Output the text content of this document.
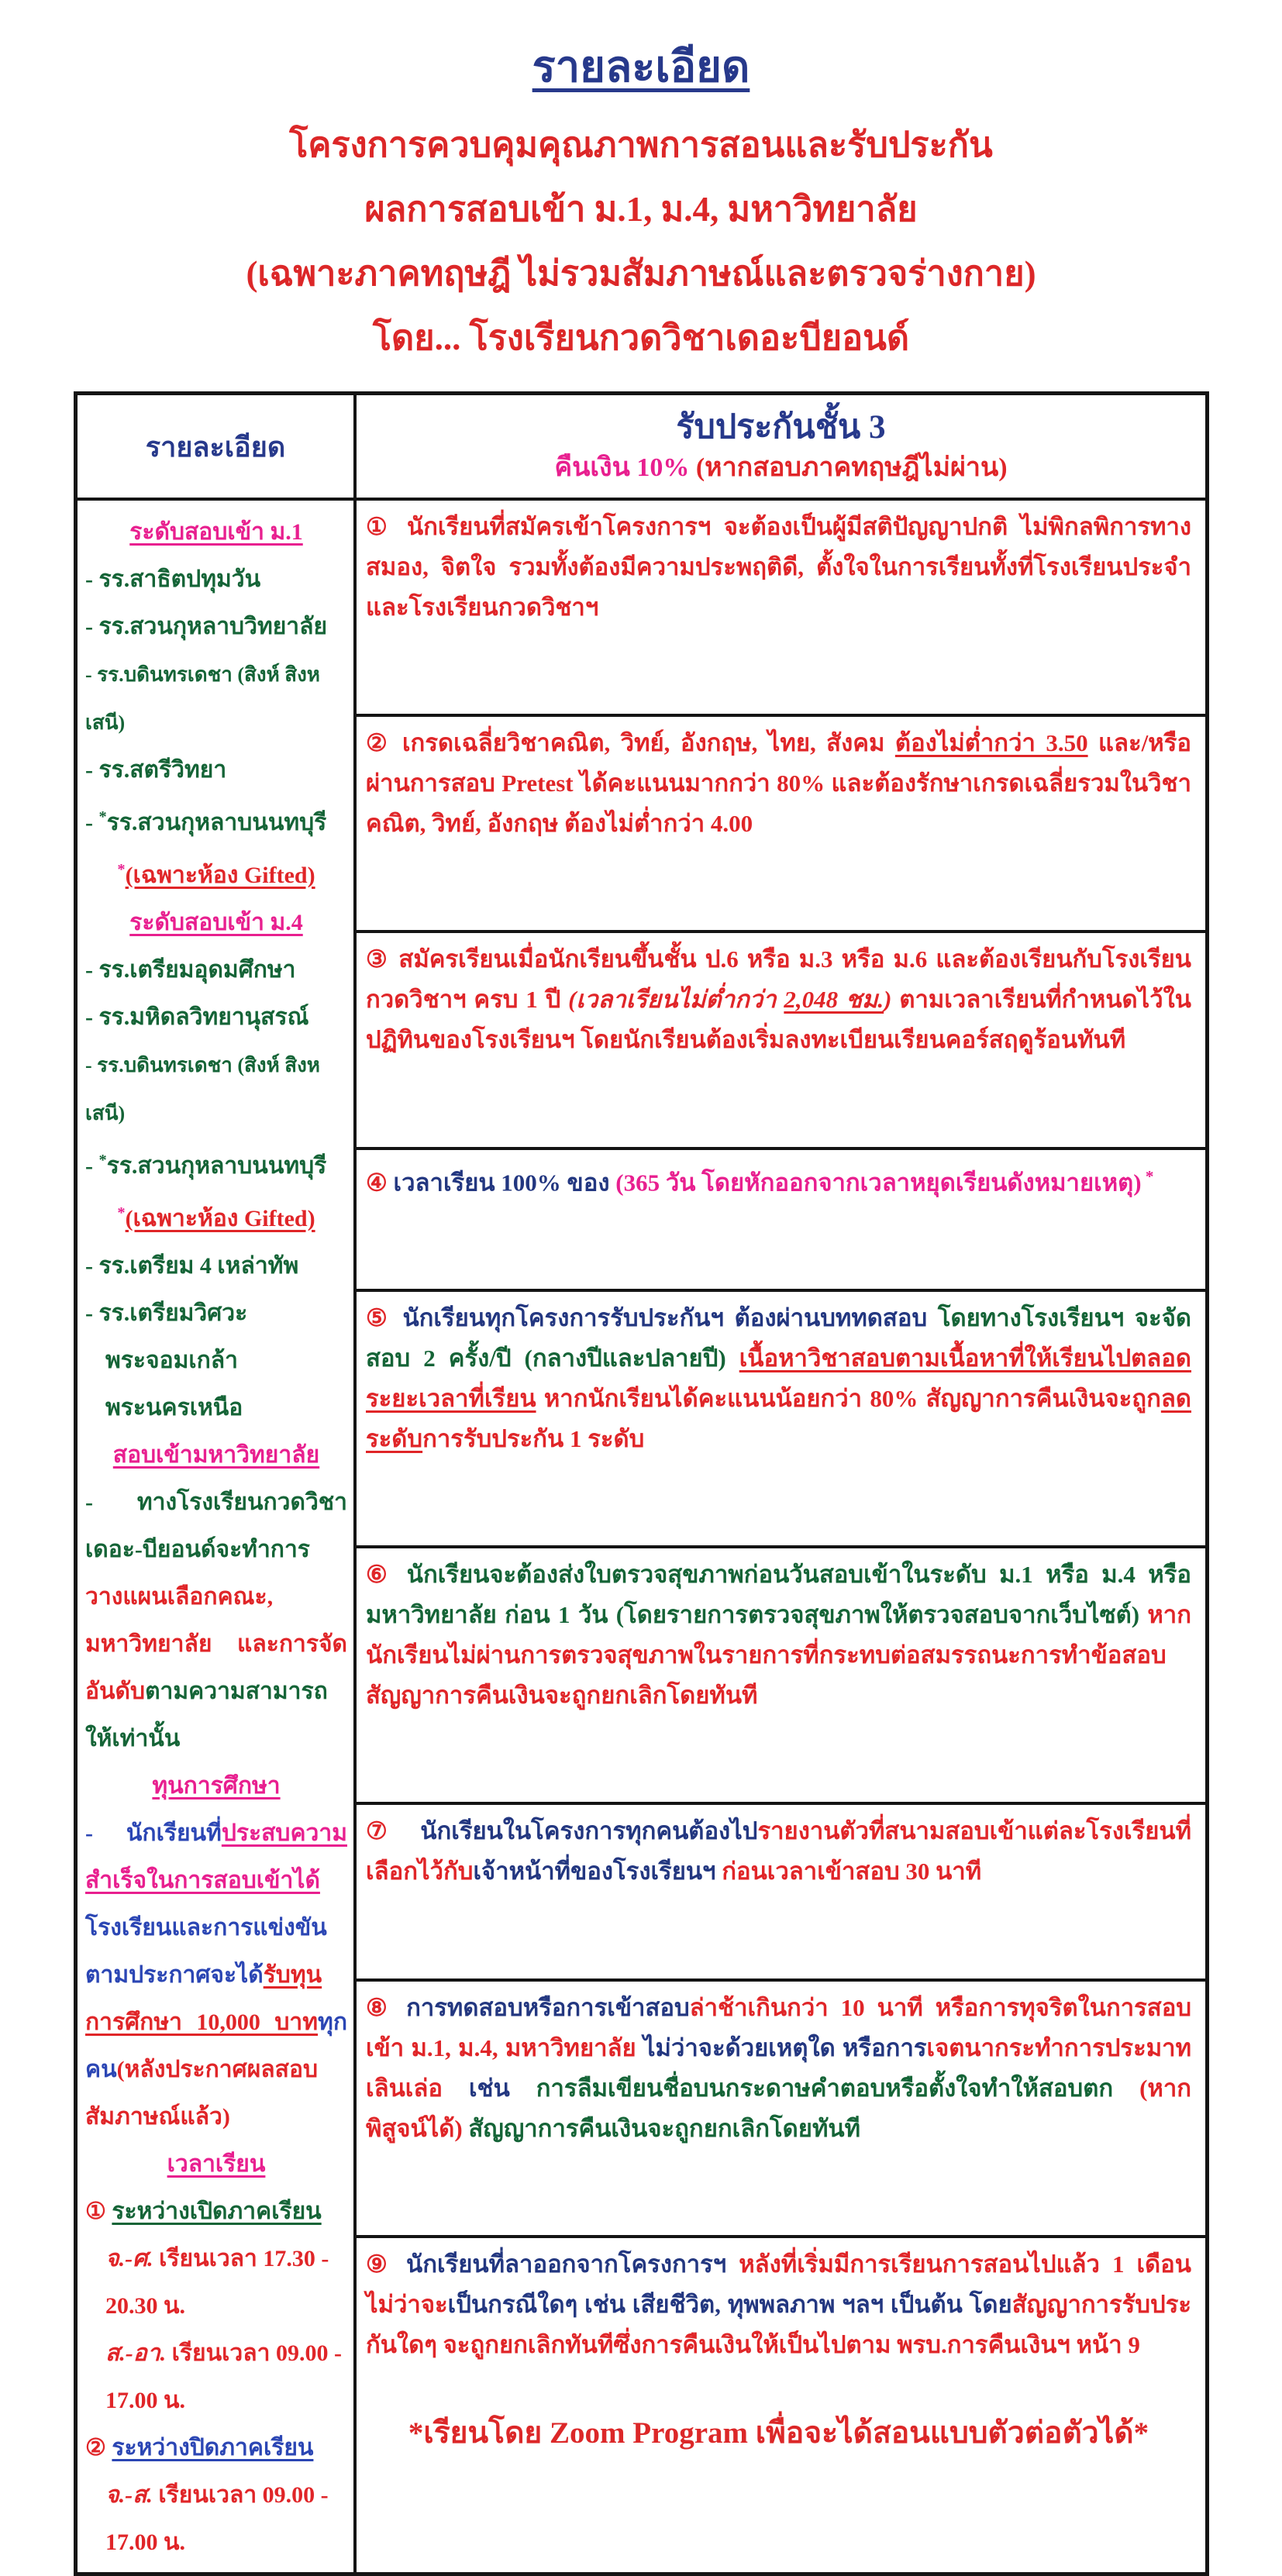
รายละเอียด
โครงการควบคุมคุณภาพการสอนและรับประกัน
ผลการสอบเข้า ม.1, ม.4, มหาวิทยาลัย
(เฉพาะภาคทฤษฎี ไม่รวมสัมภาษณ์และตรวจร่างกาย)
โดย... โรงเรียนกวดวิชาเดอะบียอนด์
รายละเอียด
รับประกันชั้น 3
คืนเงิน 10% (หากสอบภาคทฤษฎีไม่ผ่าน)
ระดับสอบเข้า ม.1
- รร.สาธิตปทุมวัน
- รร.สวนกุหลาบวิทยาลัย
- รร.บดินทรเดชา (สิงห์ สิงหเสนี)
- รร.สตรีวิทยา
- *รร.สวนกุหลาบนนทบุรี
*(เฉพาะห้อง Gifted)
ระดับสอบเข้า ม.4
- รร.เตรียมอุดมศึกษา
- รร.มหิดลวิทยานุสรณ์
- รร.บดินทรเดชา (สิงห์ สิงหเสนี)
- *รร.สวนกุหลาบนนทบุรี
*(เฉพาะห้อง Gifted)
- รร.เตรียม 4 เหล่าทัพ
- รร.เตรียมวิศวะ
พระจอมเกล้าพระนครเหนือ
สอบเข้ามหาวิทยาลัย
- ทางโรงเรียนกวดวิชาเดอะ-บียอนด์จะทำการวางแผนเลือกคณะ, มหาวิทยาลัย และการจัดอันดับตามความสามารถให้เท่านั้น
ทุนการศึกษา
- นักเรียนที่ประสบความสำเร็จในการสอบเข้าได้โรงเรียนและการแข่งขันตามประกาศจะได้รับทุนการศึกษา 10,000 บาททุกคน(หลังประกาศผลสอบสัมภาษณ์แล้ว)
เวลาเรียน
① ระหว่างเปิดภาคเรียน
จ.-ศ. เรียนเวลา 17.30 - 20.30 น.
ส.-อา. เรียนเวลา 09.00 - 17.00 น.
② ระหว่างปิดภาคเรียน
จ.-ส. เรียนเวลา 09.00 - 17.00 น.
① นักเรียนที่สมัครเข้าโครงการฯ จะต้องเป็นผู้มีสติปัญญาปกติ ไม่พิกลพิการทางสมอง, จิตใจ รวมทั้งต้องมีความประพฤติดี, ตั้งใจในการเรียนทั้งที่โรงเรียนประจำและโรงเรียนกวดวิชาฯ
② เกรดเฉลี่ยวิชาคณิต, วิทย์, อังกฤษ, ไทย, สังคม ต้องไม่ต่ำกว่า 3.50 และ/หรือผ่านการสอบ Pretest ได้คะแนนมากกว่า 80% และต้องรักษาเกรดเฉลี่ยรวมในวิชาคณิต, วิทย์, อังกฤษ ต้องไม่ต่ำกว่า 4.00
③ สมัครเรียนเมื่อนักเรียนขึ้นชั้น ป.6 หรือ ม.3 หรือ ม.6 และต้องเรียนกับโรงเรียนกวดวิชาฯ ครบ 1 ปี (เวลาเรียนไม่ต่ำกว่า 2,048 ชม.) ตามเวลาเรียนที่กำหนดไว้ในปฏิทินของโรงเรียนฯ โดยนักเรียนต้องเริ่มลงทะเบียนเรียนคอร์สฤดูร้อนทันที
④ เวลาเรียน 100% ของ (365 วัน โดยหักออกจากเวลาหยุดเรียนดังหมายเหตุ) *
⑤ นักเรียนทุกโครงการรับประกันฯ ต้องผ่านบททดสอบ โดยทางโรงเรียนฯ จะจัดสอบ 2 ครั้ง/ปี (กลางปีและปลายปี) เนื้อหาวิชาสอบตามเนื้อหาที่ให้เรียนไปตลอดระยะเวลาที่เรียน หากนักเรียนได้คะแนนน้อยกว่า 80% สัญญาการคืนเงินจะถูกลดระดับการรับประกัน 1 ระดับ
⑥ นักเรียนจะต้องส่งใบตรวจสุขภาพก่อนวันสอบเข้าในระดับ ม.1 หรือ ม.4 หรือมหาวิทยาลัย ก่อน 1 วัน (โดยรายการตรวจสุขภาพให้ตรวจสอบจากเว็บไซต์) หากนักเรียนไม่ผ่านการตรวจสุขภาพในรายการที่กระทบต่อสมรรถนะการทำข้อสอบ สัญญาการคืนเงินจะถูกยกเลิกโดยทันที
⑦ นักเรียนในโครงการทุกคนต้องไปรายงานตัวที่สนามสอบเข้าแต่ละโรงเรียนที่เลือกไว้กับเจ้าหน้าที่ของโรงเรียนฯ ก่อนเวลาเข้าสอบ 30 นาที
⑧ การทดสอบหรือการเข้าสอบล่าช้าเกินกว่า 10 นาที หรือการทุจริตในการสอบเข้า ม.1, ม.4, มหาวิทยาลัย ไม่ว่าจะด้วยเหตุใด หรือการเจตนากระทำการประมาทเลินเล่อ เช่น การลืมเขียนชื่อบนกระดาษคำตอบหรือตั้งใจทำให้สอบตก (หากพิสูจน์ได้) สัญญาการคืนเงินจะถูกยกเลิกโดยทันที
⑨ นักเรียนที่ลาออกจากโครงการฯ หลังที่เริ่มมีการเรียนการสอนไปแล้ว 1 เดือน ไม่ว่าจะเป็นกรณีใดๆ เช่น เสียชีวิต, ทุพพลภาพ ฯลฯ เป็นต้น โดยสัญญาการรับประกันใดๆ จะถูกยกเลิกทันทีซึ่งการคืนเงินให้เป็นไปตาม พรบ.การคืนเงินฯ หน้า 9
*เรียนโดย Zoom Program เพื่อจะได้สอนแบบตัวต่อตัวได้*
